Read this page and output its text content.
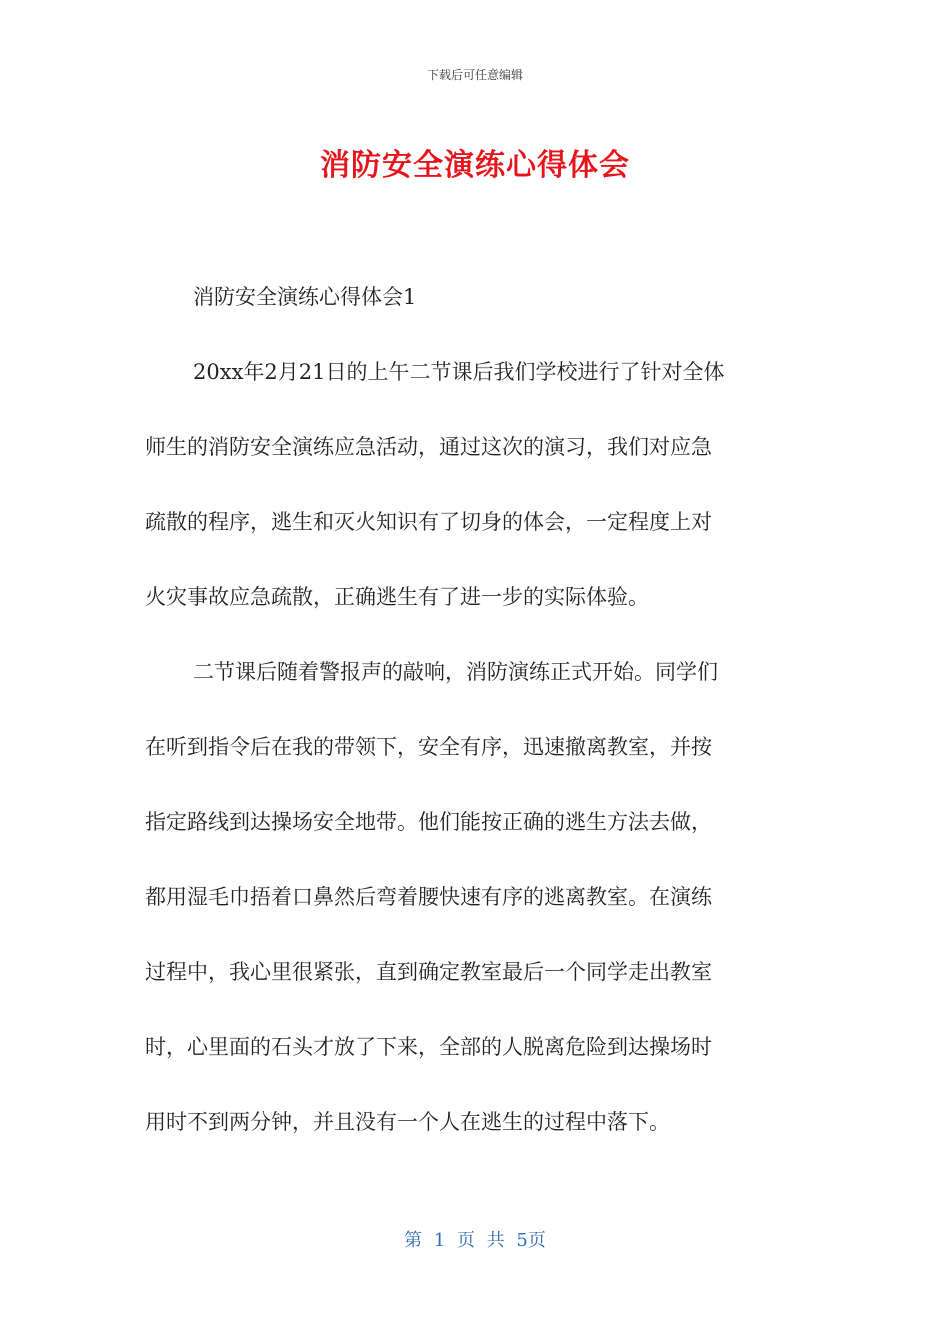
下载后可任意编辑
消防安全演练心得体会

消防安全演练心得体会1

20xx年2月21日的上午二节课后我们学校进行了针对全体
师生的消防安全演练应急活动，通过这次的演习，我们对应急
疏散的程序，逃生和灭火知识有了切身的体会，一定程度上对
火灾事故应急疏散，正确逃生有了进一步的实际体验。

二节课后随着警报声的敲响，消防演练正式开始。同学们
在听到指令后在我的带领下，安全有序，迅速撤离教室，并按
指定路线到达操场安全地带。他们能按正确的逃生方法去做，
都用湿毛巾捂着口鼻然后弯着腰快速有序的逃离教室。在演练
过程中，我心里很紧张，直到确定教室最后一个同学走出教室
时，心里面的石头才放了下来，全部的人脱离危险到达操场时
用时不到两分钟，并且没有一个人在逃生的过程中落下。

第 1 页 共 5页
